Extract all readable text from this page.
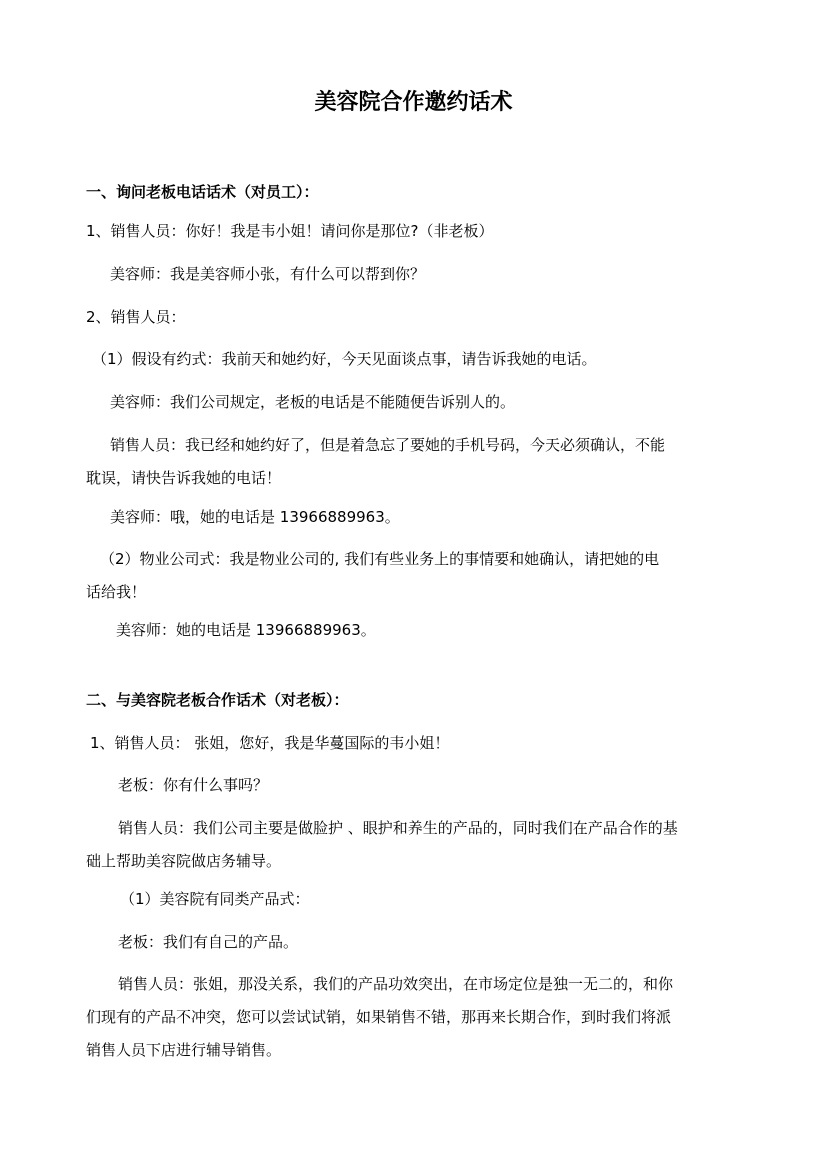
美容院合作邀约话术
一、询问老板电话话术（对员工）：
1、销售人员：你好！我是韦小姐！请问你是那位?（非老板）
美容师：我是美容师小张，有什么可以帮到你？
2、销售人员：
（1）假设有约式：我前天和她约好，今天见面谈点事，请告诉我她的电话。
美容师：我们公司规定，老板的电话是不能随便告诉别人的。
销售人员：我已经和她约好了，但是着急忘了要她的手机号码，今天必须确认，不能
耽误，请快告诉我她的电话！
美容师：哦，她的电话是 13966889963。
（2）物业公司式：我是物业公司的, 我们有些业务上的事情要和她确认，请把她的电
话给我！
美容师：她的电话是 13966889963。
二、与美容院老板合作话术（对老板）：
1、销售人员： 张姐，您好，我是华蔓国际的韦小姐！
老板：你有什么事吗？
销售人员：我们公司主要是做脸护 、眼护和养生的产品的，同时我们在产品合作的基
础上帮助美容院做店务辅导。
（1）美容院有同类产品式：
老板：我们有自己的产品。
销售人员：张姐，那没关系，我们的产品功效突出，在市场定位是独一无二的，和你
们现有的产品不冲突，您可以尝试试销，如果销售不错，那再来长期合作，到时我们将派
销售人员下店进行辅导销售。
